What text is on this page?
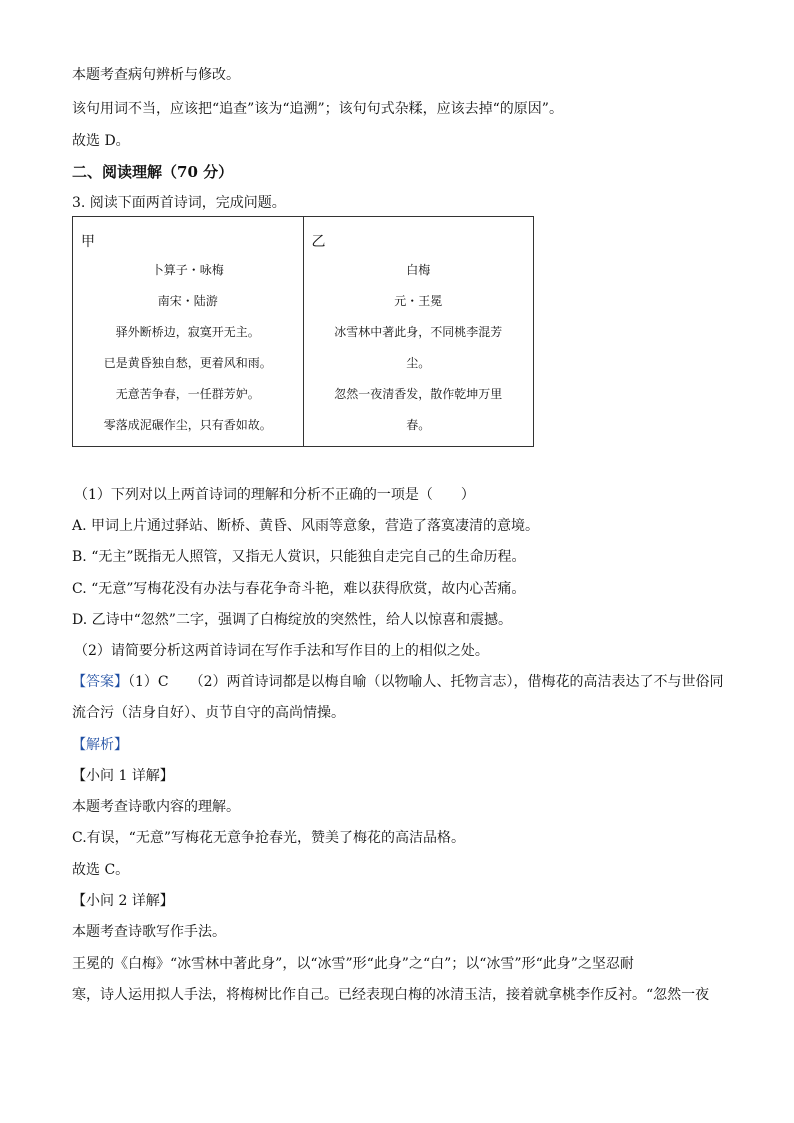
本题考查病句辨析与修改。
该句用词不当，应该把“追查”该为“追溯”；该句句式杂糅，应该去掉“的原因”。
故选 D。
二、阅读理解（70 分）
3. 阅读下面两首诗词，完成问题。
甲
卜算子・咏梅
南宋・陆游
驿外断桥边，寂寞开无主。
已是黄昏独自愁，更着风和雨。
无意苦争春，一任群芳妒。
零落成泥碾作尘，只有香如故。

乙
白梅
元・王冕
冰雪林中著此身，不同桃李混芳
尘。
忽然一夜清香发，散作乾坤万里
春。
（1）下列对以上两首诗词的理解和分析不正确的一项是（　　）
A. 甲词上片通过驿站、断桥、黄昏、风雨等意象，营造了落寞凄清的意境。
B. “无主”既指无人照管，又指无人赏识，只能独自走完自己的生命历程。
C. “无意”写梅花没有办法与春花争奇斗艳，难以获得欣赏，故内心苦痛。
D. 乙诗中“忽然”二字，强调了白梅绽放的突然性，给人以惊喜和震撼。
（2）请简要分析这两首诗词在写作手法和写作目的上的相似之处。
【答案】（1）C　　（2）两首诗词都是以梅自喻（以物喻人、托物言志），借梅花的高洁表达了不与世俗同
流合污（洁身自好）、贞节自守的高尚情操。
【解析】
【小问 1 详解】
本题考查诗歌内容的理解。
C.有误，“无意”写梅花无意争抢春光，赞美了梅花的高洁品格。
故选 C。
【小问 2 详解】
本题考查诗歌写作手法。
王冕的《白梅》“冰雪林中著此身”，以“冰雪”形“此身”之“白”；以“冰雪”形“此身”之坚忍耐
寒，诗人运用拟人手法，将梅树比作自己。已经表现白梅的冰清玉洁，接着就拿桃李作反衬。“忽然一夜
